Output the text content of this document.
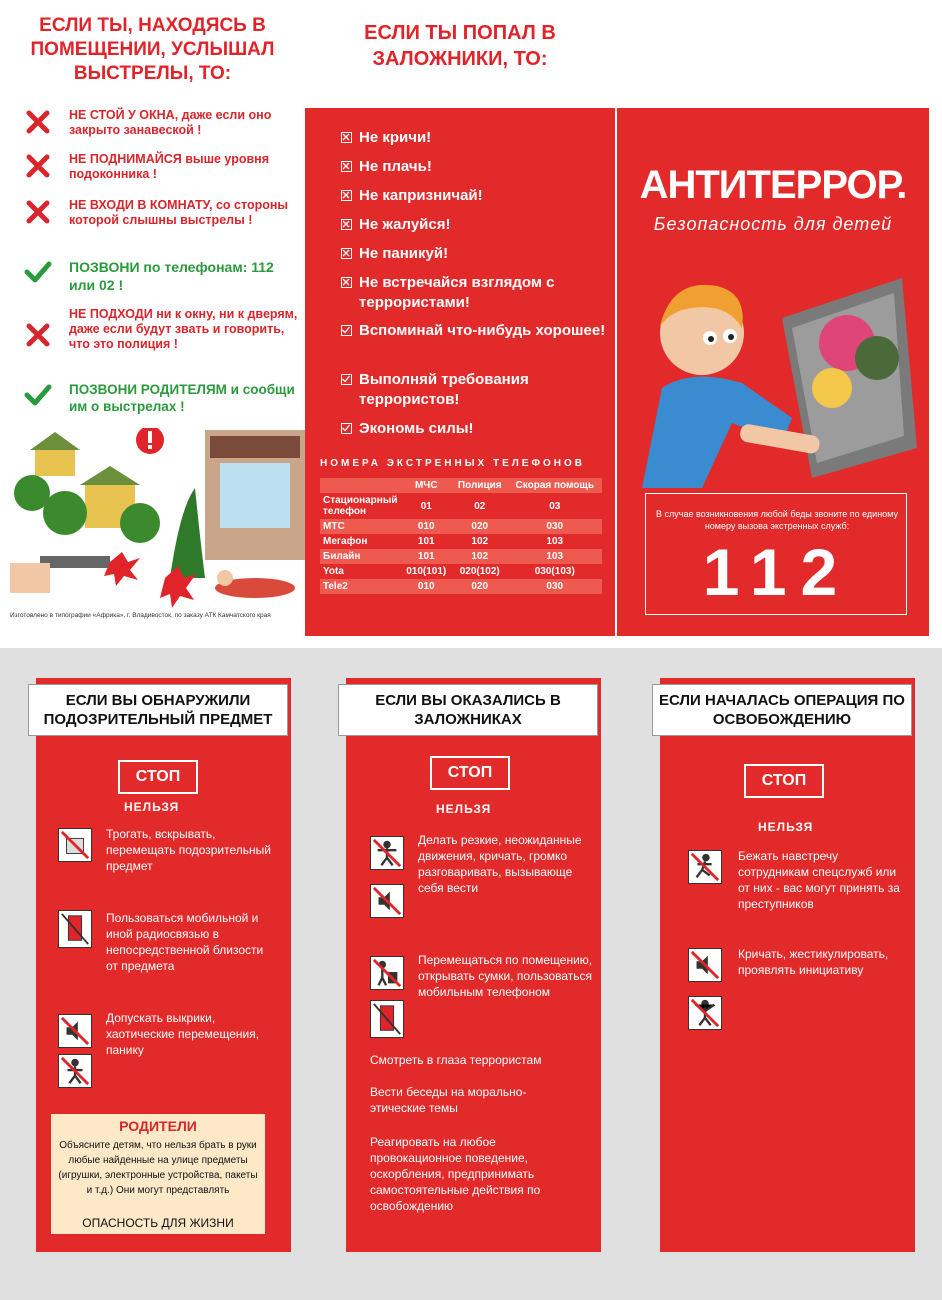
ЕСЛИ ТЫ, НАХОДЯСЬ В ПОМЕЩЕНИИ, УСЛЫШАЛ ВЫСТРЕЛЫ, ТО:
НЕ СТОЙ У ОКНА, даже если оно закрыто занавеской !
НЕ ПОДНИМАЙСЯ выше уровня подоконника !
НЕ ВХОДИ В КОМНАТУ, со стороны которой слышны выстрелы !
ПОЗВОНИ по телефонам: 112 или 02 !
НЕ ПОДХОДИ ни к окну, ни к дверям, даже если будут звать и говорить, что это полиция !
ПОЗВОНИ РОДИТЕЛЯМ и сообщи им о выстрелах !
Изготовлено в типографии «Африка», г. Владивосток, по заказу АТК Камчатского края
ЕСЛИ ТЫ ПОПАЛ В ЗАЛОЖНИКИ, ТО:
Не кричи!
Не плачь!
Не капризничай!
Не жалуйся!
Не паникуй!
Не встречайся взглядом с террористами!
Вспоминай что-нибудь хорошее!
Выполняй требования террористов!
Экономь силы!
НОМЕРА ЭКСТРЕННЫХ ТЕЛЕФОНОВ
	МЧС	Полиция	Скорая помощь
Стационарный телефон	01	02	03
МТС	010	020	030
Мегафон	101	102	103
Билайн	101	102	103
Yota	010(101)	020(102)	030(103)
Tele2	010	020	030
АНТИТЕРРОР.
Безопасность для детей
В случае возникновения любой беды звоните по единому номеру вызова экстренных служб:
112
СТОП
НЕЛЬЗЯ
Трогать, вскрывать, перемещать подозрительный предмет
Пользоваться мобильной и иной радиосвязью в непосредственной близости от предмета
Допускать выкрики, хаотические перемещения, панику
РОДИТЕЛИ
Объясните детям, что нельзя брать в руки любые найденные на улице предметы (игрушки, электронные устройства, пакеты и т.д.) Они могут представлять
ОПАСНОСТЬ ДЛЯ ЖИЗНИ
ЕСЛИ ВЫ ОБНАРУЖИЛИ ПОДОЗРИТЕЛЬНЫЙ ПРЕДМЕТ
СТОП
НЕЛЬЗЯ
Делать резкие, неожиданные движения, кричать, громко разговаривать, вызывающе себя вести
Перемещаться по помещению, открывать сумки, пользоваться мобильным телефоном
Смотреть в глаза террористам
Вести беседы на морально-этические темы
Реагировать на любое провокационное поведение, оскорбления, предпринимать самостоятельные действия по освобождению
ЕСЛИ ВЫ ОКАЗАЛИСЬ В ЗАЛОЖНИКАХ
СТОП
НЕЛЬЗЯ
Бежать навстречу сотрудникам спецслужб или от них - вас могут принять за преступников
Кричать, жестикулировать, проявлять инициативу
ЕСЛИ НАЧАЛАСЬ ОПЕРАЦИЯ ПО ОСВОБОЖДЕНИЮ
